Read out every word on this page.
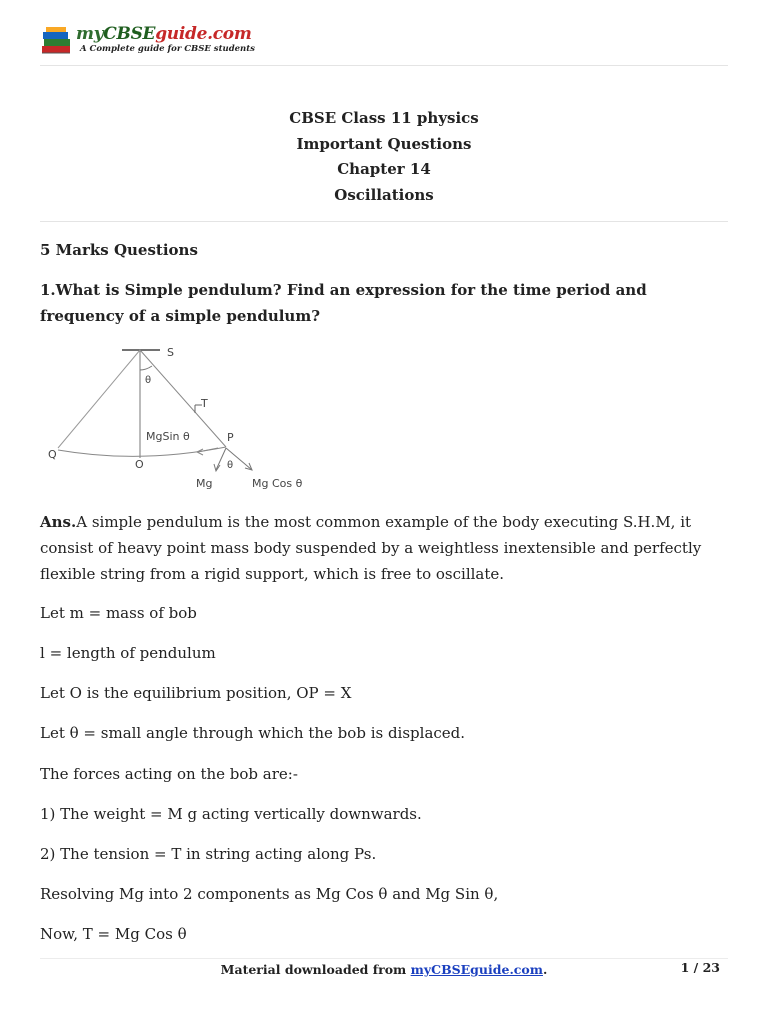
myCBSEguide.com
A Complete guide for CBSE students
CBSE Class 11 physics
Important Questions
Chapter 14
Oscillations
5 Marks Questions
1.What is Simple pendulum? Find an expression for the time period and frequency of a simple pendulum?
S
θ
T
MgSin θ	P
Q
O	θ
Mg	Mg Cos θ
Ans.A simple pendulum is the most common example of the body executing S.H.M, it consist of heavy point mass body suspended by a weightless inextensible and perfectly flexible string from a rigid support, which is free to oscillate.
Let m = mass of bob
l = length of pendulum
Let O is the equilibrium position, OP = X
Let θ = small angle through which the bob is displaced.
The forces acting on the bob are:-
1) The weight = M g acting vertically downwards.
2) The tension = T in string acting along Ps.
Resolving Mg into 2 components as Mg Cos θ and Mg Sin θ,
Now, T = Mg Cos θ
Material downloaded from myCBSEguide.com.	1 / 23
